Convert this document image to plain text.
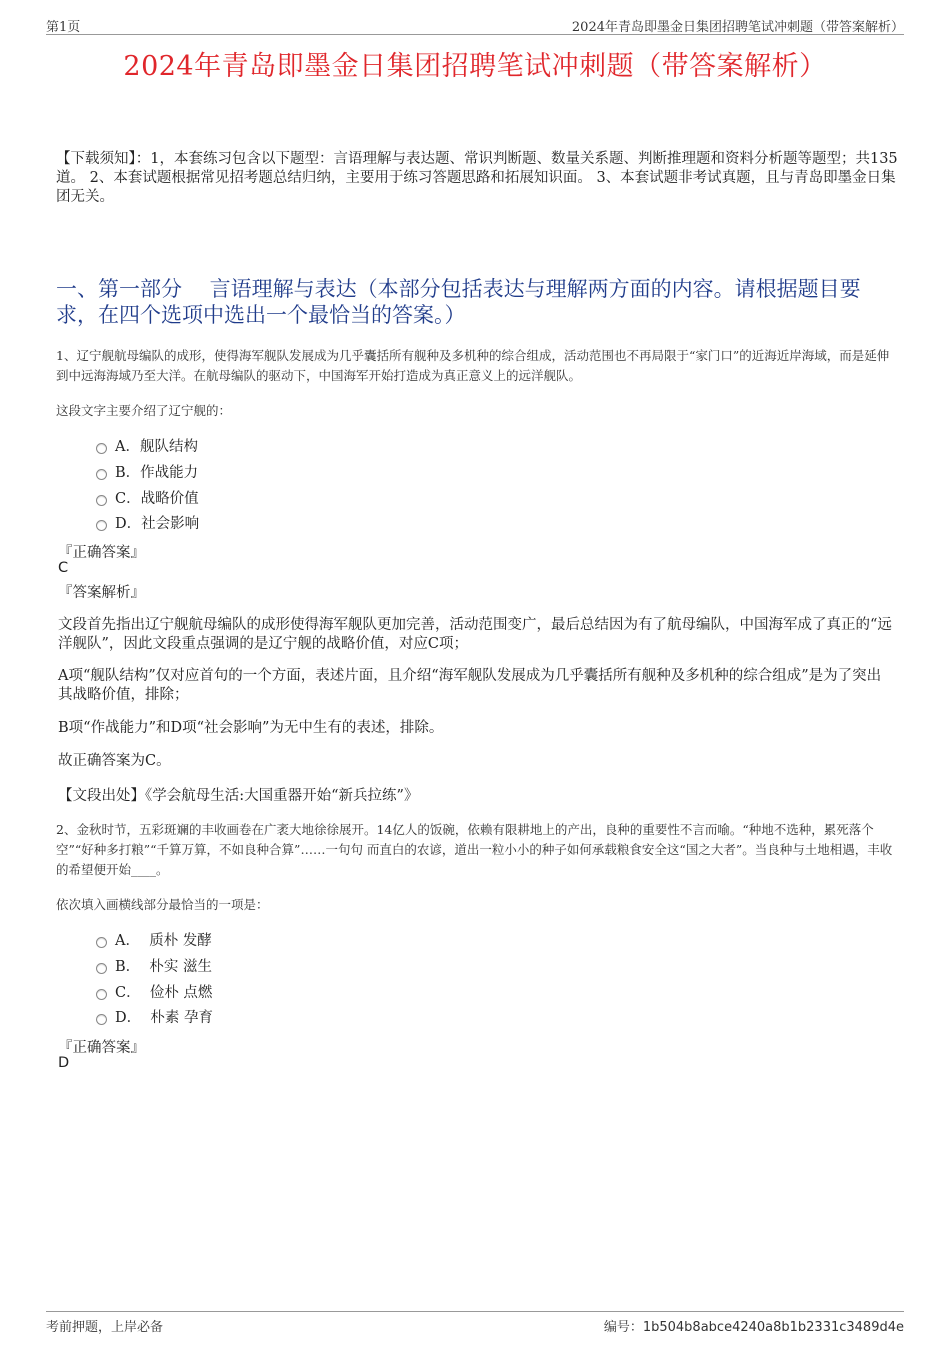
第1页	2024年青岛即墨金日集团招聘笔试冲刺题（带答案解析）
2024年青岛即墨金日集团招聘笔试冲刺题（带答案解析）
【下载须知】：1，本套练习包含以下题型：言语理解与表达题、常识判断题、数量关系题、判断推理题和资料分析题等题型；共135道。 2、本套试题根据常见招考题总结归纳，主要用于练习答题思路和拓展知识面。 3、本套试题非考试真题，且与青岛即墨金日集团无关。
一、第一部分　 言语理解与表达（本部分包括表达与理解两方面的内容。请根据题目要求，在四个选项中选出一个最恰当的答案。）
1、辽宁舰航母编队的成形，使得海军舰队发展成为几乎囊括所有舰种及多机种的综合组成，活动范围也不再局限于“家门口”的近海近岸海域，而是延伸到中远海海域乃至大洋。在航母编队的驱动下，中国海军开始打造成为真正意义上的远洋舰队。
这段文字主要介绍了辽宁舰的：
A．舰队结构
B．作战能力
C．战略价值
D．社会影响
『正确答案』
C
『答案解析』
文段首先指出辽宁舰航母编队的成形使得海军舰队更加完善，活动范围变广，最后总结因为有了航母编队，中国海军成了真正的“远洋舰队”，因此文段重点强调的是辽宁舰的战略价值，对应C项；
A项“舰队结构”仅对应首句的一个方面，表述片面，且介绍“海军舰队发展成为几乎囊括所有舰种及多机种的综合组成”是为了突出其战略价值，排除；
B项“作战能力”和D项“社会影响”为无中生有的表述，排除。
故正确答案为C。
【文段出处】《学会航母生活:大国重器开始“新兵拉练”》
2、金秋时节，五彩斑斓的丰收画卷在广袤大地徐徐展开。14亿人的饭碗，依赖有限耕地上的产出，良种的重要性不言而喻。“种地不选种，累死落个空”“好种多打粮”“千算万算，不如良种合算”……一句句 而直白的农谚，道出一粒小小的种子如何承载粮食安全这“国之大者”。当良种与土地相遇，丰收的希望便开始____。
依次填入画横线部分最恰当的一项是：
A．  质朴 发酵
B．  朴实 滋生
C．  俭朴 点燃
D．  朴素 孕育
『正确答案』
D
考前押题，上岸必备	编号：1b504b8abce4240a8b1b2331c3489d4e
